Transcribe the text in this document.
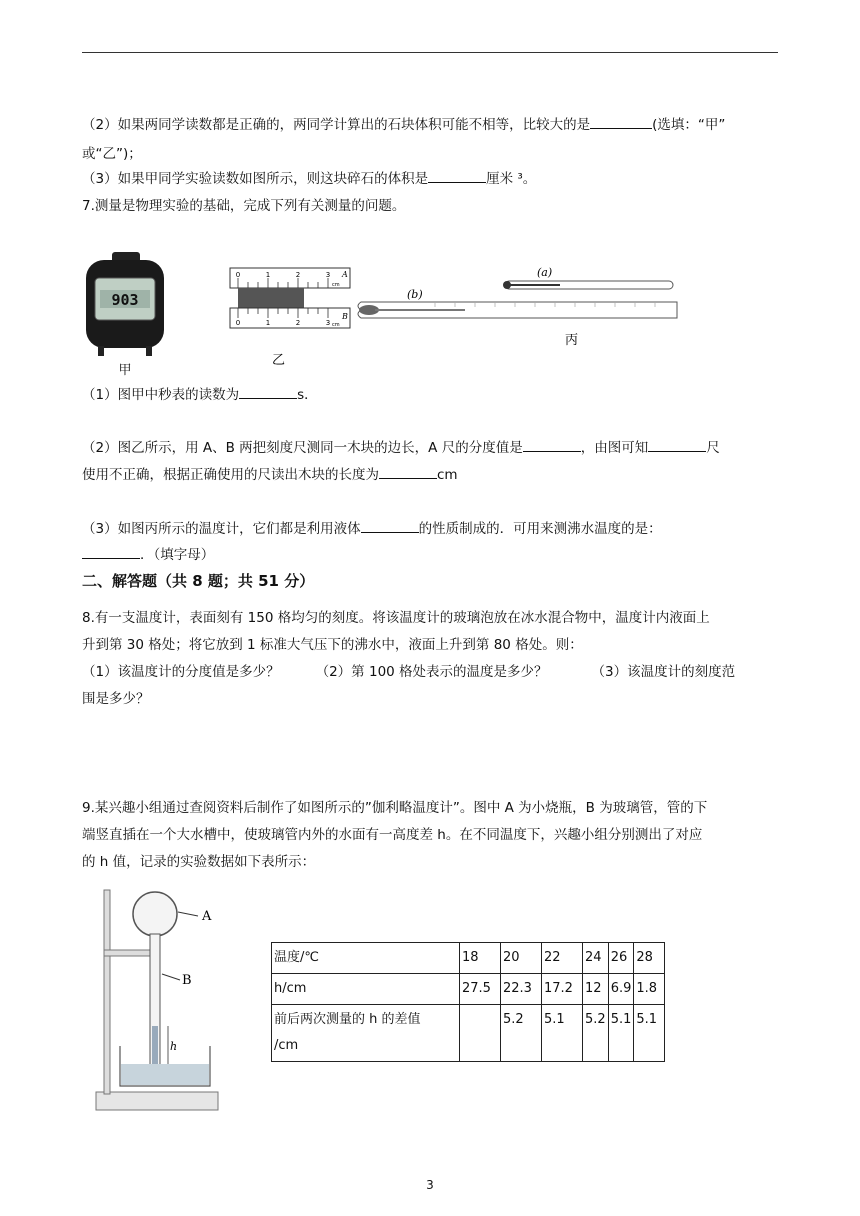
（2）如果两同学读数都是正确的，两同学计算出的石块体积可能不相等，比较大的是	(选填：“甲”
或“乙”)；
（3）如果甲同学实验读数如图所示，则这块碎石的体积是	厘米 ³。
7.测量是物理实验的基础，完成下列有关测量的问题。
903
甲
0	1	2	3 A
cm
0	1	2	3
B
cm
乙
(a)
(b)
丙
（1）图甲中秒表的读数为	s．
（2）图乙所示，用 A、B 两把刻度尺测同一木块的边长，A 尺的分度值是	，由图可知	尺
使用不正确，根据正确使用的尺读出木块的长度为	cm
（3）如图丙所示的温度计，它们都是利用液体	的性质制成的．可用来测沸水温度的是：
．（填字母）
二、解答题（共 8 题；共 51 分）
8.有一支温度计，表面刻有 150 格均匀的刻度。将该温度计的玻璃泡放在冰水混合物中，温度计内液面上
升到第 30 格处；将它放到 1 标准大气压下的沸水中，液面上升到第 80 格处。则：
（1）该温度计的分度值是多少？	（2）第 100 格处表示的温度是多少？	（3）该温度计的刻度范
围是多少？
9.某兴趣小组通过查阅资料后制作了如图所示的”伽利略温度计”。图中 A 为小烧瓶，B 为玻璃管，管的下
端竖直插在一个大水槽中，使玻璃管内外的水面有一高度差 h。在不同温度下，兴趣小组分别测出了对应
的 h 值，记录的实验数据如下表所示：
h
A
B
温度/℃	18	20	22	24	26	28
h/cm	27.5	22.3	17.2	12	6.9	1.8
前后两次测量的 h 的差值
/cm		5.2	5.1	5.2	5.1	5.1
3
